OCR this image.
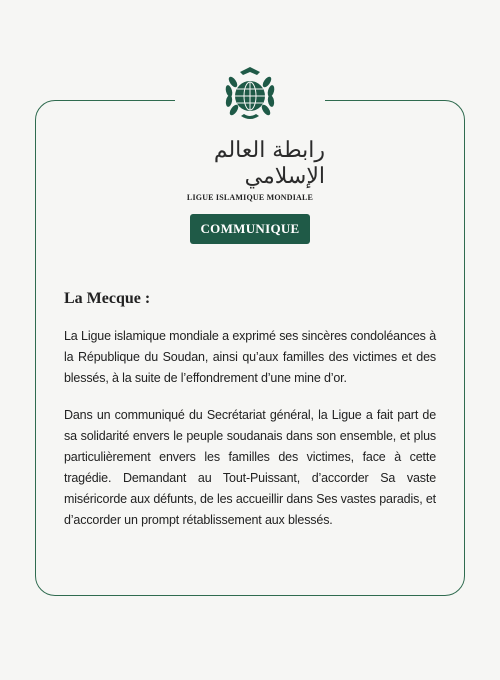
رابطة العالم الإسلامي
LIGUE ISLAMIQUE MONDIALE
COMMUNIQUE

La Mecque :

La Ligue islamique mondiale a exprimé ses sincères condoléances à la République du Soudan, ainsi qu’aux familles des victimes et des blessés, à la suite de l’effondrement d’une mine d’or.

Dans un communiqué du Secrétariat général, la Ligue a fait part de sa solidarité envers le peuple soudanais dans son ensemble, et plus particulièrement envers les familles des victimes, face à cette tragédie. Demandant au Tout-Puissant, d’accorder Sa vaste miséricorde aux défunts, de les accueillir dans Ses vastes paradis, et d’accorder un prompt rétablissement aux blessés.
